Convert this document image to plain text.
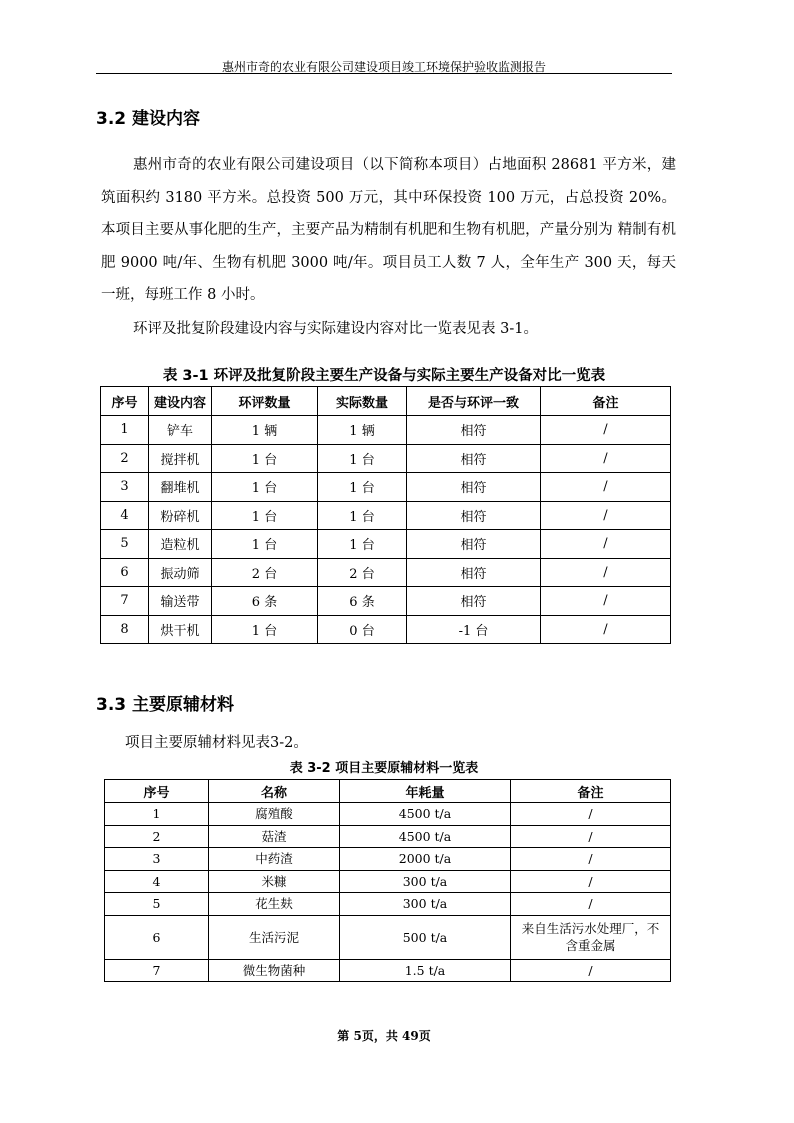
惠州市奇的农业有限公司建设项目竣工环境保护验收监测报告
3.2 建设内容
惠州市奇的农业有限公司建设项目（以下简称本项目）占地面积 28681 平方米，建筑面积约 3180 平方米。总投资 500 万元，其中环保投资 100 万元，占总投资 20%。本项目主要从事化肥的生产，主要产品为精制有机肥和生物有机肥，产量分别为 精制有机肥 9000 吨/年、生物有机肥 3000 吨/年。项目员工人数 7 人，全年生产 300 天，每天一班，每班工作 8 小时。
环评及批复阶段建设内容与实际建设内容对比一览表见表 3-1。
表 3-1 环评及批复阶段主要生产设备与实际主要生产设备对比一览表
序号	建设内容	环评数量	实际数量	是否与环评一致	备注
1	铲车	1 辆	1 辆	相符	/
2	搅拌机	1 台	1 台	相符	/
3	翻堆机	1 台	1 台	相符	/
4	粉碎机	1 台	1 台	相符	/
5	造粒机	1 台	1 台	相符	/
6	振动筛	2 台	2 台	相符	/
7	输送带	6 条	6 条	相符	/
8	烘干机	1 台	0 台	-1 台	/
3.3 主要原辅材料
项目主要原辅材料见表3-2。
表 3-2 项目主要原辅材料一览表
序号	名称	年耗量	备注
1	腐殖酸	4500 t/a	/
2	菇渣	4500 t/a	/
3	中药渣	2000 t/a	/
4	米糠	300 t/a	/
5	花生麸	300 t/a	/
6	生活污泥	500 t/a	来自生活污水处理厂，不含重金属
7	微生物菌种	1.5 t/a	/
第 5页，共 49页
